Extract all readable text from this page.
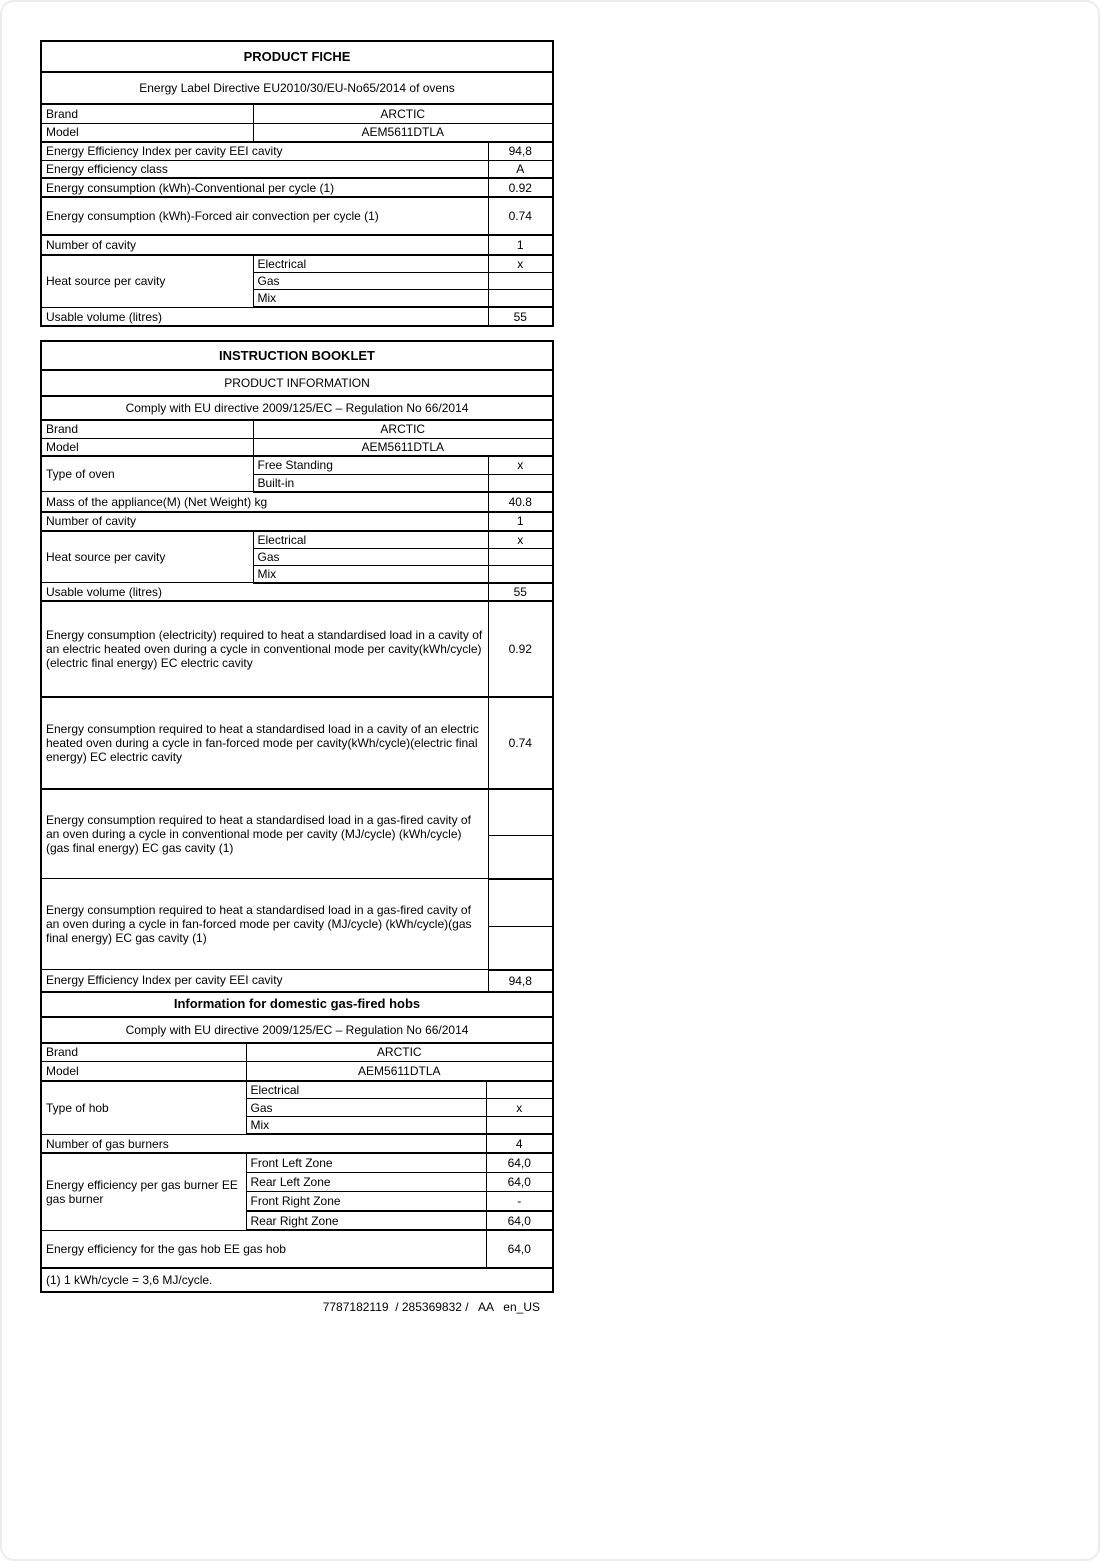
PRODUCT FICHE		
Energy Label Directive EU2010/30/EU-No65/2014 of ovens		
Brand	ARCTIC	
Model	AEM5611DTLA	
Energy Efficiency Index per cavity EEI cavity		94,8
Energy efficiency class		A
Energy consumption (kWh)-Conventional per cycle (1)		0.92
Energy consumption (kWh)-Forced air convection per cycle (1)		0.74
Number of cavity		1
Heat source per cavity	Electrical	x
	Gas	
	Mix	
Usable volume (litres)		55
INSTRUCTION BOOKLET		
PRODUCT INFORMATION		
Comply with EU directive 2009/125/EC – Regulation No 66/2014		
Brand	ARCTIC	
Model	AEM5611DTLA	
Type of oven	Free Standing	x
	Built-in	
Mass of the appliance(M) (Net Weight) kg		40.8
Number of cavity		1
Heat source per cavity	Electrical	x
	Gas	
	Mix	
Usable volume (litres)		55
Energy consumption (electricity) required to heat a standardised load in a cavity of an electric heated oven during a cycle in conventional mode per cavity(kWh/cycle)(electric final energy) EC electric cavity		0.92
Energy consumption required to heat a standardised load in a cavity of an electric heated oven during a cycle in fan-forced mode per cavity(kWh/cycle)(electric final energy) EC electric cavity		0.74
Energy consumption required to heat a standardised load in a gas-fired cavity of an oven during a cycle in conventional mode per cavity (MJ/cycle) (kWh/cycle)(gas final energy) EC gas cavity (1)		

Energy consumption required to heat a standardised load in a gas-fired cavity of an oven during a cycle in fan-forced mode per cavity (MJ/cycle) (kWh/cycle)(gas final energy) EC gas cavity (1)		

Energy Efficiency Index per cavity EEI cavity		94,8
Information for domestic gas-fired hobs		
Comply with EU directive 2009/125/EC – Regulation No 66/2014		
Brand	ARCTIC	
Model	AEM5611DTLA	
Type of hob	Electrical	
	Gas	x
	Mix	
Number of gas burners		4
Energy efficiency per gas burner EE gas burner	Front Left Zone	64,0
	Rear Left Zone	64,0
	Front Right Zone	-
	Rear Right Zone	64,0
Energy efficiency for the gas hob EE gas hob		64,0
(1) 1 kWh/cycle = 3,6 MJ/cycle.		
7787182119  / 285369832 /   AA   en_US
